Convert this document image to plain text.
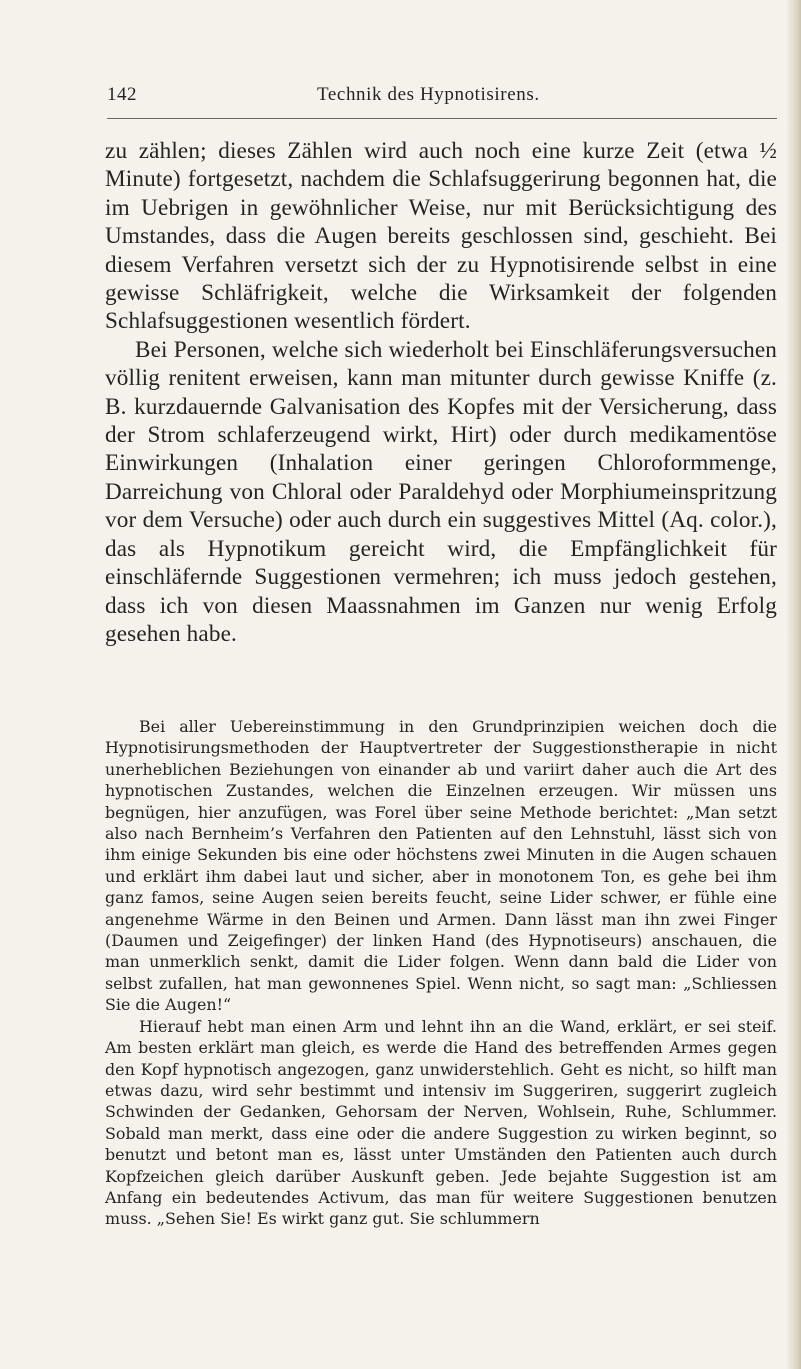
142	Technik des Hypnotisirens.

zu zählen; dieses Zählen wird auch noch eine kurze Zeit (etwa ½ Minute) fortgesetzt, nachdem die Schlafsuggerirung begonnen hat, die im Uebrigen in gewöhnlicher Weise, nur mit Berücksichtigung des Umstandes, dass die Augen bereits geschlossen sind, geschieht. Bei diesem Verfahren versetzt sich der zu Hypnotisirende selbst in eine gewisse Schläfrigkeit, welche die Wirksamkeit der folgenden Schlafsuggestionen wesentlich fördert.

Bei Personen, welche sich wiederholt bei Einschläferungsversuchen völlig renitent erweisen, kann man mitunter durch gewisse Kniffe (z. B. kurzdauernde Galvanisation des Kopfes mit der Versicherung, dass der Strom schlaferzeugend wirkt, Hirt) oder durch medikamentöse Einwirkungen (Inhalation einer geringen Chloroformmenge, Darreichung von Chloral oder Paraldehyd oder Morphiumeinspritzung vor dem Versuche) oder auch durch ein suggestives Mittel (Aq. color.), das als Hypnotikum gereicht wird, die Empfänglichkeit für einschläfernde Suggestionen vermehren; ich muss jedoch gestehen, dass ich von diesen Maassnahmen im Ganzen nur wenig Erfolg gesehen habe.

Bei aller Uebereinstimmung in den Grundprinzipien weichen doch die Hypnotisirungsmethoden der Hauptvertreter der Suggestionstherapie in nicht unerheblichen Beziehungen von einander ab und variirt daher auch die Art des hypnotischen Zustandes, welchen die Einzelnen erzeugen. Wir müssen uns begnügen, hier anzufügen, was Forel über seine Methode berichtet: „Man setzt also nach Bernheim’s Verfahren den Patienten auf den Lehnstuhl, lässt sich von ihm einige Sekunden bis eine oder höchstens zwei Minuten in die Augen schauen und erklärt ihm dabei laut und sicher, aber in monotonem Ton, es gehe bei ihm ganz famos, seine Augen seien bereits feucht, seine Lider schwer, er fühle eine angenehme Wärme in den Beinen und Armen. Dann lässt man ihn zwei Finger (Daumen und Zeigefinger) der linken Hand (des Hypnotiseurs) anschauen, die man unmerklich senkt, damit die Lider folgen. Wenn dann bald die Lider von selbst zufallen, hat man gewonnenes Spiel. Wenn nicht, so sagt man: „Schliessen Sie die Augen!“

Hierauf hebt man einen Arm und lehnt ihn an die Wand, erklärt, er sei steif. Am besten erklärt man gleich, es werde die Hand des betreffenden Armes gegen den Kopf hypnotisch angezogen, ganz unwiderstehlich. Geht es nicht, so hilft man etwas dazu, wird sehr bestimmt und intensiv im Suggeriren, suggerirt zugleich Schwinden der Gedanken, Gehorsam der Nerven, Wohlsein, Ruhe, Schlummer. Sobald man merkt, dass eine oder die andere Suggestion zu wirken beginnt, so benutzt und betont man es, lässt unter Umständen den Patienten auch durch Kopfzeichen gleich darüber Auskunft geben. Jede bejahte Suggestion ist am Anfang ein bedeutendes Activum, das man für weitere Suggestionen benutzen muss. „Sehen Sie! Es wirkt ganz gut. Sie schlummern
